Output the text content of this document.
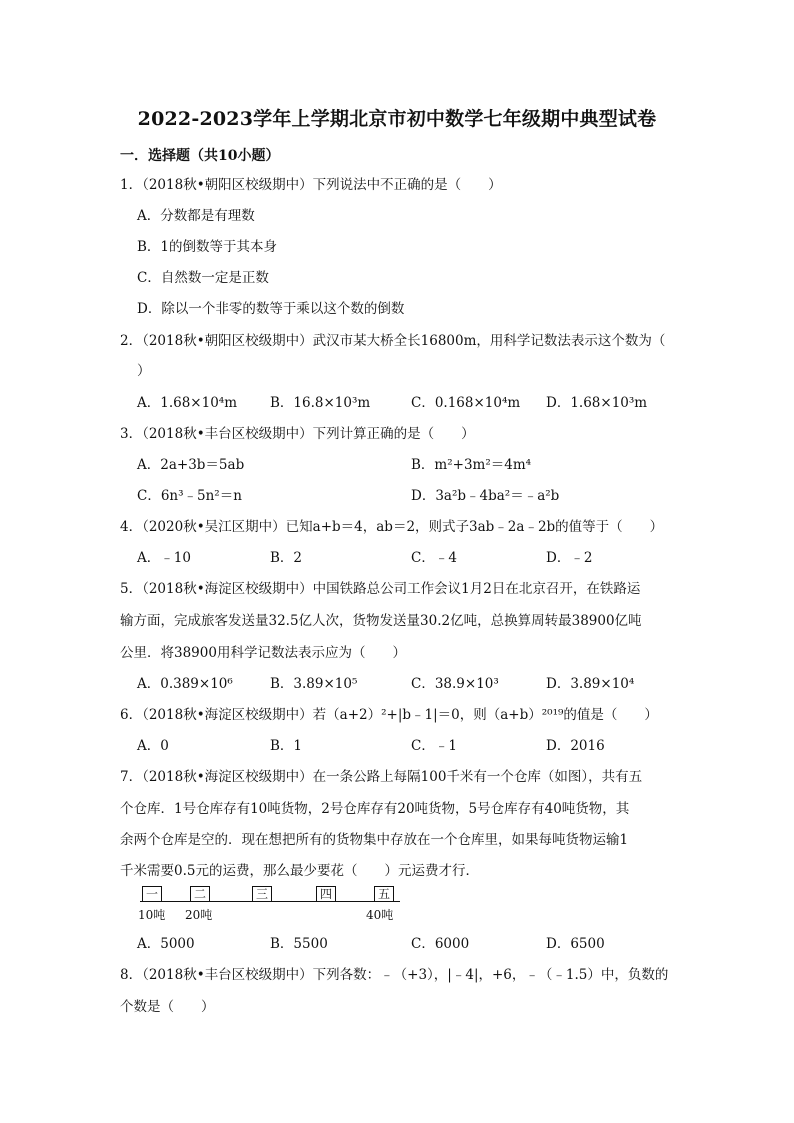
2022-2023学年上学期北京市初中数学七年级期中典型试卷
一．选择题（共10小题）
1．（2018秋•朝阳区校级期中）下列说法中不正确的是（　　）
A．分数都是有理数
B．1的倒数等于其本身
C．自然数一定是正数
D．除以一个非零的数等于乘以这个数的倒数
2．（2018秋•朝阳区校级期中）武汉市某大桥全长16800m，用科学记数法表示这个数为（
）
A．1.68×10⁴m B．16.8×10³m	C．0.168×10⁴m D．1.68×10³m
3．（2018秋•丰台区校级期中）下列计算正确的是（　　）
A．2a+3b＝5ab	B．m²+3m²＝4m⁴
C．6n³﹣5n²＝n	D．3a²b﹣4ba²＝﹣a²b
4．（2020秋•吴江区期中）已知a+b＝4，ab＝2，则式子3ab﹣2a﹣2b的值等于（　　）
A．﹣10	B．2	C．﹣4	D．﹣2
5．（2018秋•海淀区校级期中）中国铁路总公司工作会议1月2日在北京召开，在铁路运
输方面，完成旅客发送量32.5亿人次，货物发送量30.2亿吨，总换算周转最38900亿吨
公里．将38900用科学记数法表示应为（　　）
A．0.389×10⁶	B．3.89×10⁵	C．38.9×10³	D．3.89×10⁴
6．（2018秋•海淀区校级期中）若（a+2）²+|b﹣1|＝0，则（a+b）²⁰¹⁹的值是（　　）
A．0	B．1	C．﹣1	D．2016
7．（2018秋•海淀区校级期中）在一条公路上每隔100千米有一个仓库（如图），共有五
个仓库．1号仓库存有10吨货物，2号仓库存有20吨货物，5号仓库存有40吨货物，其
余两个仓库是空的．现在想把所有的货物集中存放在一个仓库里，如果每吨货物运输1
千米需要0.5元的运费，那么最少要花（　　）元运费才行．
一	二	三	四	五
10吨 20吨	40吨
A．5000	B．5500	C．6000	D．6500
8．（2018秋•丰台区校级期中）下列各数：﹣（+3），|﹣4|，+6，﹣（﹣1.5）中，负数的
个数是（　　）
